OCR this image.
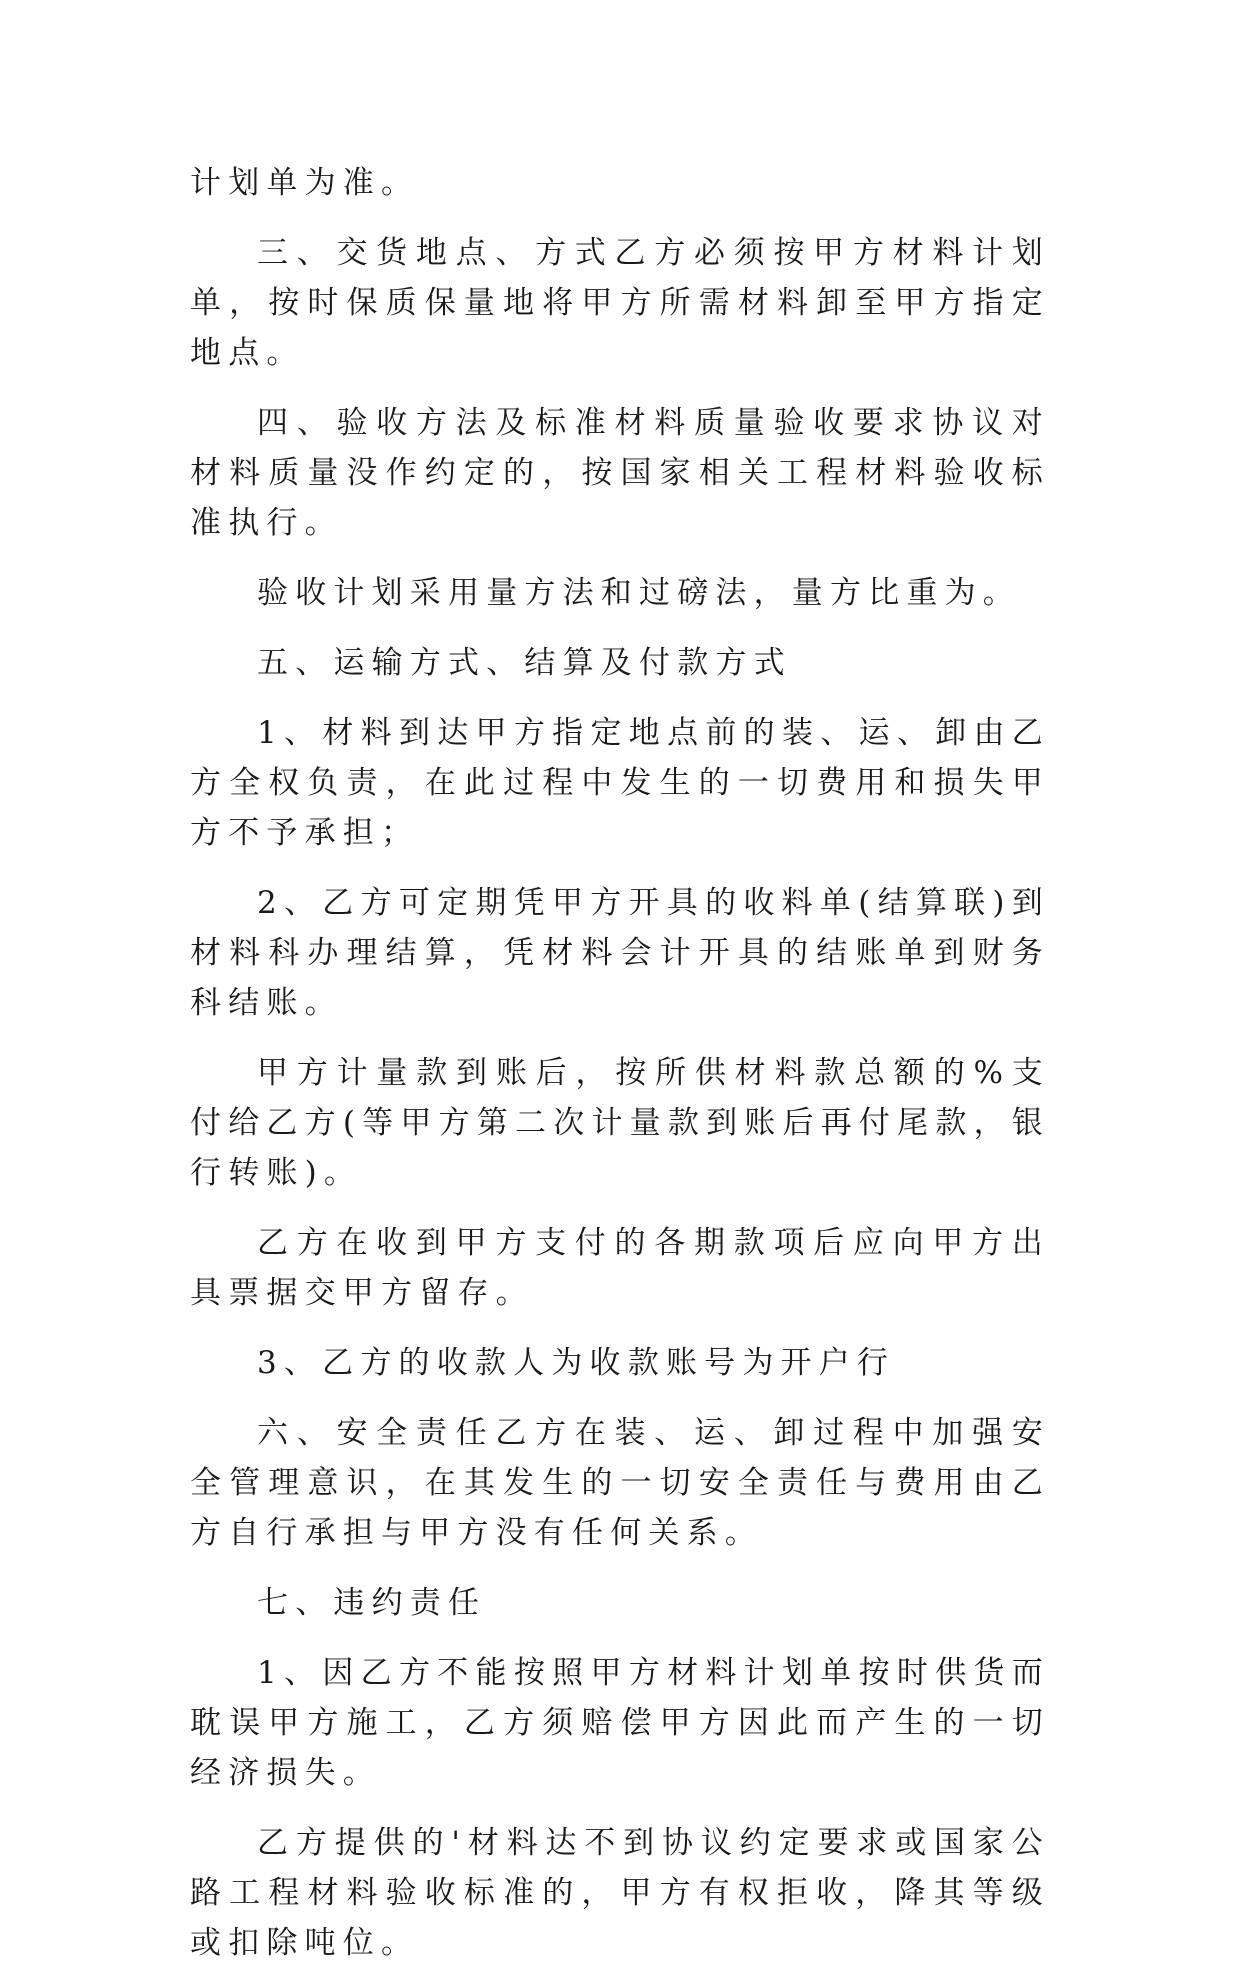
计划单为准。

三、交货地点、方式乙方必须按甲方材料计划单，按时保质保量地将甲方所需材料卸至甲方指定地点。

四、验收方法及标准材料质量验收要求协议对材料质量没作约定的，按国家相关工程材料验收标准执行。

验收计划采用量方法和过磅法，量方比重为。

五、运输方式、结算及付款方式

1、材料到达甲方指定地点前的装、运、卸由乙方全权负责，在此过程中发生的一切费用和损失甲方不予承担；

2、乙方可定期凭甲方开具的收料单(结算联)到材料科办理结算，凭材料会计开具的结账单到财务科结账。

甲方计量款到账后，按所供材料款总额的%支付给乙方(等甲方第二次计量款到账后再付尾款，银行转账)。

乙方在收到甲方支付的各期款项后应向甲方出具票据交甲方留存。

3、乙方的收款人为收款账号为开户行

六、安全责任乙方在装、运、卸过程中加强安全管理意识，在其发生的一切安全责任与费用由乙方自行承担与甲方没有任何关系。

七、违约责任

1、因乙方不能按照甲方材料计划单按时供货而耽误甲方施工，乙方须赔偿甲方因此而产生的一切经济损失。

乙方提供的'材料达不到协议约定要求或国家公路工程材料验收标准的，甲方有权拒收，降其等级或扣除吨位。
